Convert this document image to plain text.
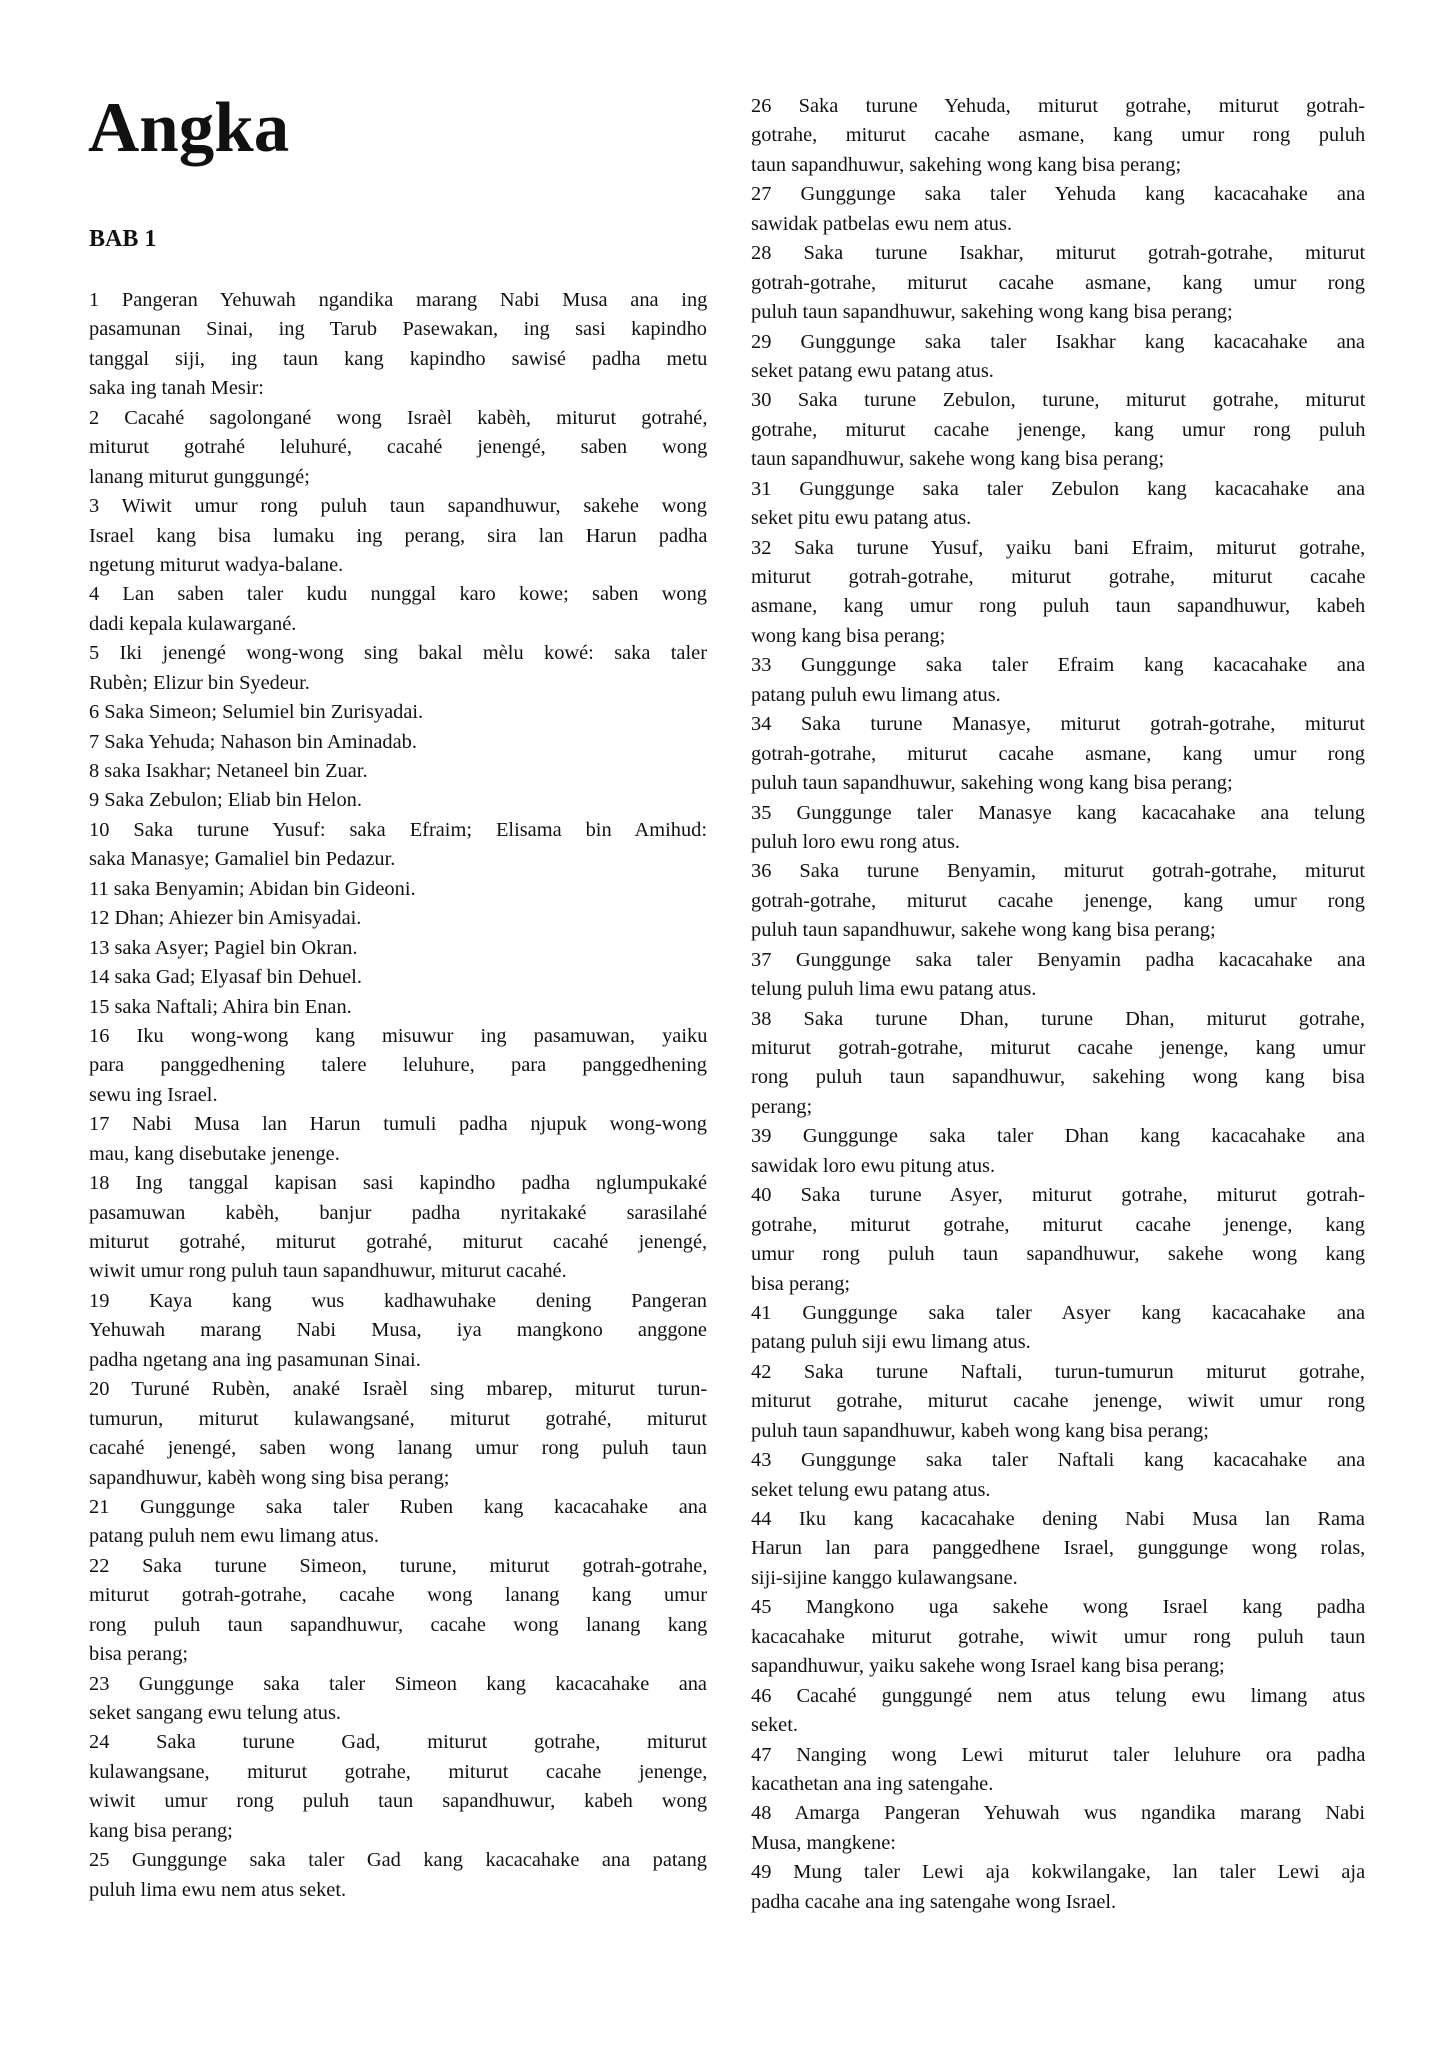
Angka
BAB 1

1 Pangeran Yehuwah ngandika marang Nabi Musa ana ing
pasamunan Sinai, ing Tarub Pasewakan, ing sasi kapindho
tanggal siji, ing taun kang kapindho sawisé padha metu
saka ing tanah Mesir:

2 Cacahé sagolongané wong Israèl kabèh, miturut gotrahé,
miturut gotrahé leluhuré, cacahé jenengé, saben wong
lanang miturut gunggungé;

3 Wiwit umur rong puluh taun sapandhuwur, sakehe wong
Israel kang bisa lumaku ing perang, sira lan Harun padha
ngetung miturut wadya-balane.

4 Lan saben taler kudu nunggal karo kowe; saben wong
dadi kepala kulawargané.

5 Iki jenengé wong-wong sing bakal mèlu kowé: saka taler
Rubèn; Elizur bin Syedeur.

6 Saka Simeon; Selumiel bin Zurisyadai.

7 Saka Yehuda; Nahason bin Aminadab.

8 saka Isakhar; Netaneel bin Zuar.

9 Saka Zebulon; Eliab bin Helon.

10 Saka turune Yusuf: saka Efraim; Elisama bin Amihud:
saka Manasye; Gamaliel bin Pedazur.

11 saka Benyamin; Abidan bin Gideoni.

12 Dhan; Ahiezer bin Amisyadai.

13 saka Asyer; Pagiel bin Okran.

14 saka Gad; Elyasaf bin Dehuel.

15 saka Naftali; Ahira bin Enan.

16 Iku wong-wong kang misuwur ing pasamuwan, yaiku
para panggedhening talere leluhure, para panggedhening
sewu ing Israel.

17 Nabi Musa lan Harun tumuli padha njupuk wong-wong
mau, kang disebutake jenenge.

18 Ing tanggal kapisan sasi kapindho padha nglumpukaké
pasamuwan kabèh, banjur padha nyritakaké sarasilahé
miturut gotrahé, miturut gotrahé, miturut cacahé jenengé,
wiwit umur rong puluh taun sapandhuwur, miturut cacahé.

19 Kaya kang wus kadhawuhake dening Pangeran
Yehuwah marang Nabi Musa, iya mangkono anggone
padha ngetang ana ing pasamunan Sinai.

20 Turuné Rubèn, anaké Israèl sing mbarep, miturut turun-
tumurun, miturut kulawangsané, miturut gotrahé, miturut
cacahé jenengé, saben wong lanang umur rong puluh taun
sapandhuwur, kabèh wong sing bisa perang;

21 Gunggunge saka taler Ruben kang kacacahake ana
patang puluh nem ewu limang atus.

22 Saka turune Simeon, turune, miturut gotrah-gotrahe,
miturut gotrah-gotrahe, cacahe wong lanang kang umur
rong puluh taun sapandhuwur, cacahe wong lanang kang
bisa perang;

23 Gunggunge saka taler Simeon kang kacacahake ana
seket sangang ewu telung atus.

24 Saka turune Gad, miturut gotrahe, miturut
kulawangsane, miturut gotrahe, miturut cacahe jenenge,
wiwit umur rong puluh taun sapandhuwur, kabeh wong
kang bisa perang;

25 Gunggunge saka taler Gad kang kacacahake ana patang
puluh lima ewu nem atus seket.

26 Saka turune Yehuda, miturut gotrahe, miturut gotrah-
gotrahe, miturut cacahe asmane, kang umur rong puluh
taun sapandhuwur, sakehing wong kang bisa perang;

27 Gunggunge saka taler Yehuda kang kacacahake ana
sawidak patbelas ewu nem atus.

28 Saka turune Isakhar, miturut gotrah-gotrahe, miturut
gotrah-gotrahe, miturut cacahe asmane, kang umur rong
puluh taun sapandhuwur, sakehing wong kang bisa perang;

29 Gunggunge saka taler Isakhar kang kacacahake ana
seket patang ewu patang atus.

30 Saka turune Zebulon, turune, miturut gotrahe, miturut
gotrahe, miturut cacahe jenenge, kang umur rong puluh
taun sapandhuwur, sakehe wong kang bisa perang;

31 Gunggunge saka taler Zebulon kang kacacahake ana
seket pitu ewu patang atus.

32 Saka turune Yusuf, yaiku bani Efraim, miturut gotrahe,
miturut gotrah-gotrahe, miturut gotrahe, miturut cacahe
asmane, kang umur rong puluh taun sapandhuwur, kabeh
wong kang bisa perang;

33 Gunggunge saka taler Efraim kang kacacahake ana
patang puluh ewu limang atus.

34 Saka turune Manasye, miturut gotrah-gotrahe, miturut
gotrah-gotrahe, miturut cacahe asmane, kang umur rong
puluh taun sapandhuwur, sakehing wong kang bisa perang;

35 Gunggunge taler Manasye kang kacacahake ana telung
puluh loro ewu rong atus.

36 Saka turune Benyamin, miturut gotrah-gotrahe, miturut
gotrah-gotrahe, miturut cacahe jenenge, kang umur rong
puluh taun sapandhuwur, sakehe wong kang bisa perang;

37 Gunggunge saka taler Benyamin padha kacacahake ana
telung puluh lima ewu patang atus.

38 Saka turune Dhan, turune Dhan, miturut gotrahe,
miturut gotrah-gotrahe, miturut cacahe jenenge, kang umur
rong puluh taun sapandhuwur, sakehing wong kang bisa
perang;

39 Gunggunge saka taler Dhan kang kacacahake ana
sawidak loro ewu pitung atus.

40 Saka turune Asyer, miturut gotrahe, miturut gotrah-
gotrahe, miturut gotrahe, miturut cacahe jenenge, kang
umur rong puluh taun sapandhuwur, sakehe wong kang
bisa perang;

41 Gunggunge saka taler Asyer kang kacacahake ana
patang puluh siji ewu limang atus.

42 Saka turune Naftali, turun-tumurun miturut gotrahe,
miturut gotrahe, miturut cacahe jenenge, wiwit umur rong
puluh taun sapandhuwur, kabeh wong kang bisa perang;

43 Gunggunge saka taler Naftali kang kacacahake ana
seket telung ewu patang atus.

44 Iku kang kacacahake dening Nabi Musa lan Rama
Harun lan para panggedhene Israel, gunggunge wong rolas,
siji-sijine kanggo kulawangsane.

45 Mangkono uga sakehe wong Israel kang padha
kacacahake miturut gotrahe, wiwit umur rong puluh taun
sapandhuwur, yaiku sakehe wong Israel kang bisa perang;

46 Cacahé gunggungé nem atus telung ewu limang atus
seket.

47 Nanging wong Lewi miturut taler leluhure ora padha
kacathetan ana ing satengahe.

48 Amarga Pangeran Yehuwah wus ngandika marang Nabi
Musa, mangkene:

49 Mung taler Lewi aja kokwilangake, lan taler Lewi aja
padha cacahe ana ing satengahe wong Israel.
